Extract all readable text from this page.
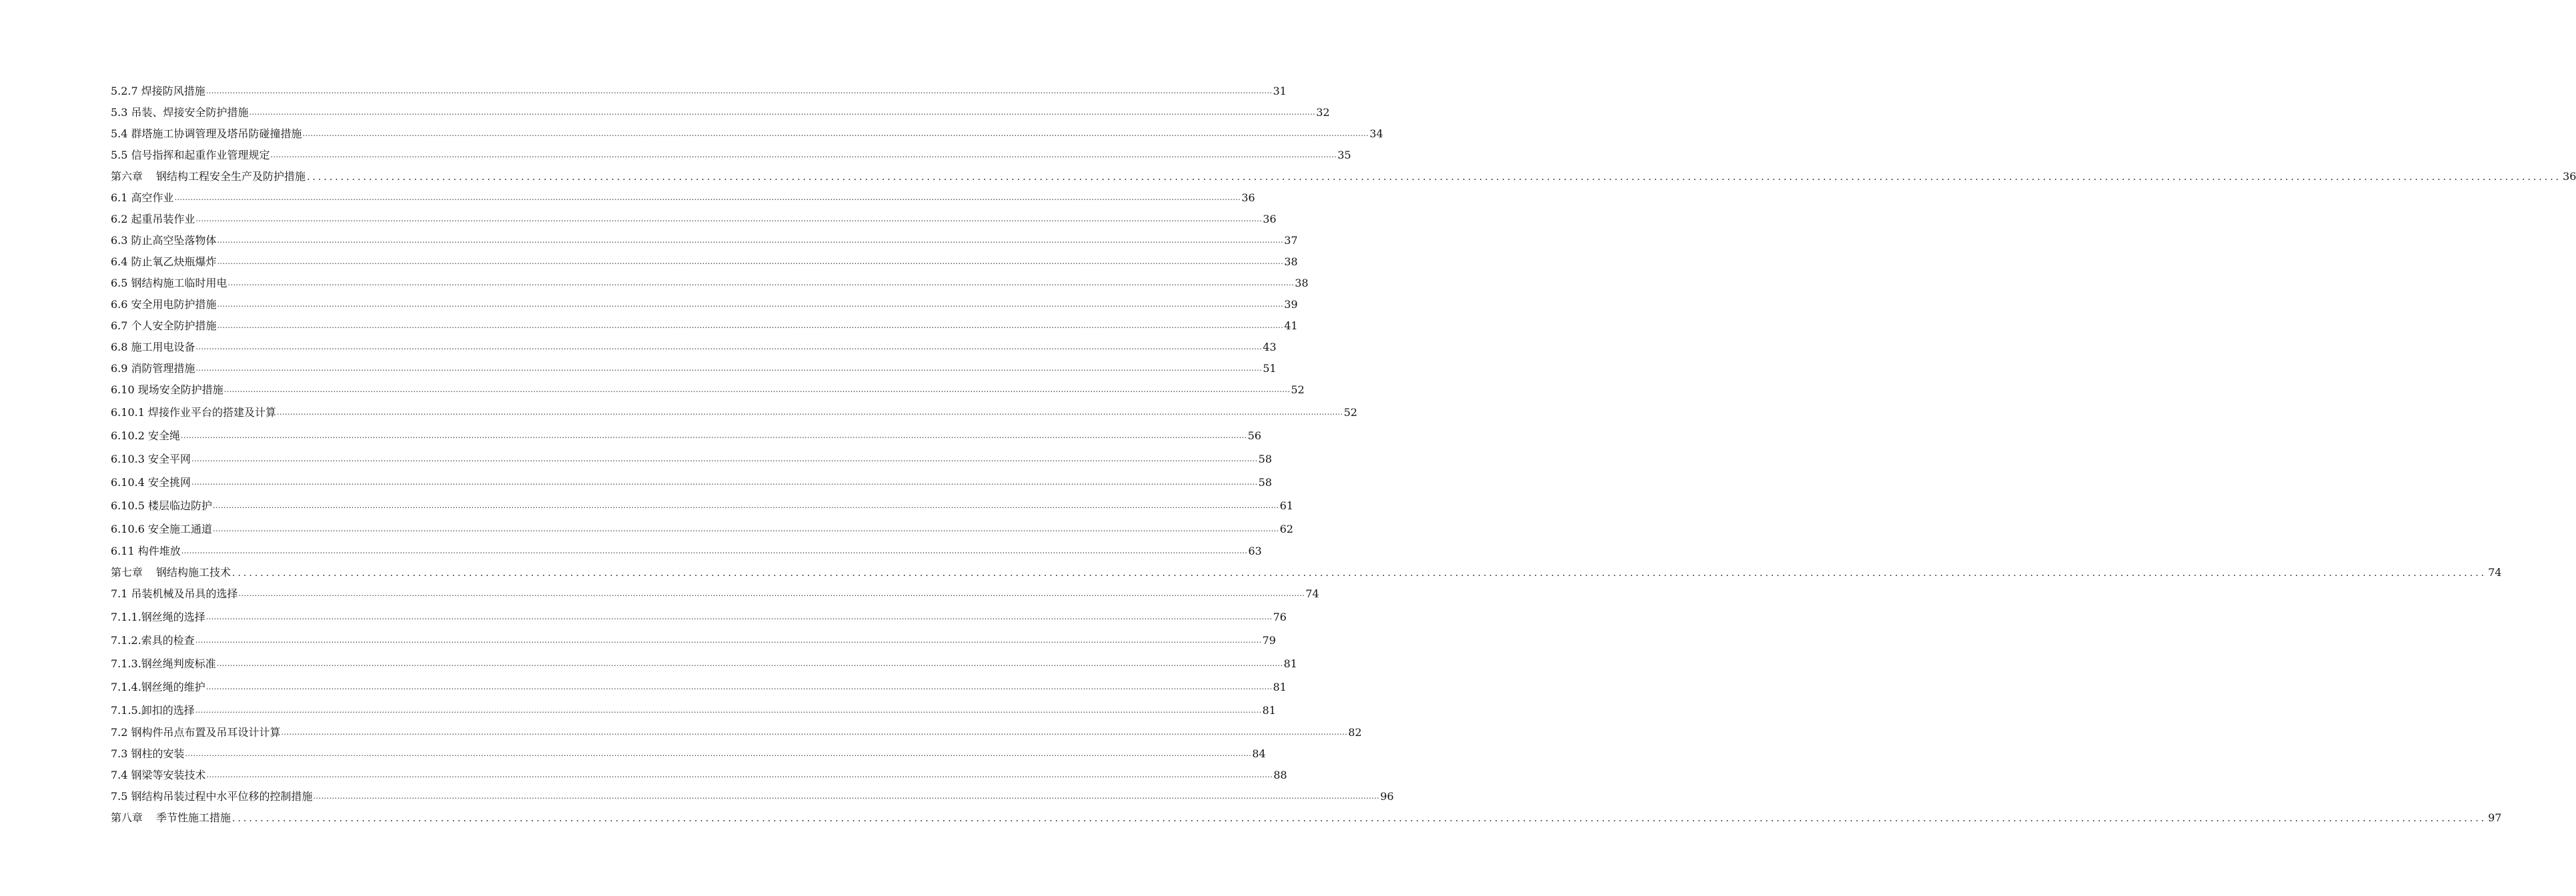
5.2.7 焊接防风措施 ................................................................................................................................................................................................................................................................................................................................................................................................................ 31
5.3 吊装、焊接安全防护措施 ................................................................................................................................................................................................................................................................................................................................................................................................................ 32
5.4 群塔施工协调管理及塔吊防碰撞措施 ................................................................................................................................................................................................................................................................................................................................................................................................................ 34
5.5 信号指挥和起重作业管理规定 ................................................................................................................................................................................................................................................................................................................................................................................................................ 35
第六章 钢结构工程安全生产及防护措施 ................................................................................................................................................................................................................................................................................................................................................................................................................ 36
6.1 高空作业 ................................................................................................................................................................................................................................................................................................................................................................................................................ 36
6.2 起重吊装作业 ................................................................................................................................................................................................................................................................................................................................................................................................................ 36
6.3 防止高空坠落物体 ................................................................................................................................................................................................................................................................................................................................................................................................................ 37
6.4 防止氧乙炔瓶爆炸 ................................................................................................................................................................................................................................................................................................................................................................................................................ 38
6.5 钢结构施工临时用电 ................................................................................................................................................................................................................................................................................................................................................................................................................ 38
6.6 安全用电防护措施 ................................................................................................................................................................................................................................................................................................................................................................................................................ 39
6.7 个人安全防护措施 ................................................................................................................................................................................................................................................................................................................................................................................................................ 41
6.8 施工用电设备 ................................................................................................................................................................................................................................................................................................................................................................................................................ 43
6.9 消防管理措施 ................................................................................................................................................................................................................................................................................................................................................................................................................ 51
6.10 现场安全防护措施 ................................................................................................................................................................................................................................................................................................................................................................................................................ 52
6.10.1 焊接作业平台的搭建及计算 ................................................................................................................................................................................................................................................................................................................................................................................................................ 52
6.10.2 安全绳 ................................................................................................................................................................................................................................................................................................................................................................................................................ 56
6.10.3 安全平网 ................................................................................................................................................................................................................................................................................................................................................................................................................ 58
6.10.4 安全挑网 ................................................................................................................................................................................................................................................................................................................................................................................................................ 58
6.10.5 楼层临边防护 ................................................................................................................................................................................................................................................................................................................................................................................................................ 61
6.10.6 安全施工通道 ................................................................................................................................................................................................................................................................................................................................................................................................................ 62
6.11 构件堆放 ................................................................................................................................................................................................................................................................................................................................................................................................................ 63
第七章 钢结构施工技术 ................................................................................................................................................................................................................................................................................................................................................................................................................ 74
7.1 吊装机械及吊具的选择 ................................................................................................................................................................................................................................................................................................................................................................................................................ 74
7.1.1.钢丝绳的选择 ................................................................................................................................................................................................................................................................................................................................................................................................................ 76
7.1.2.索具的检查 ................................................................................................................................................................................................................................................................................................................................................................................................................ 79
7.1.3.钢丝绳判废标准 ................................................................................................................................................................................................................................................................................................................................................................................................................ 81
7.1.4.钢丝绳的维护 ................................................................................................................................................................................................................................................................................................................................................................................................................ 81
7.1.5.卸扣的选择 ................................................................................................................................................................................................................................................................................................................................................................................................................ 81
7.2 钢构件吊点布置及吊耳设计计算 ................................................................................................................................................................................................................................................................................................................................................................................................................ 82
7.3 钢柱的安装 ................................................................................................................................................................................................................................................................................................................................................................................................................ 84
7.4 钢梁等安装技术 ................................................................................................................................................................................................................................................................................................................................................................................................................ 88
7.5 钢结构吊装过程中水平位移的控制措施 ................................................................................................................................................................................................................................................................................................................................................................................................................ 96
第八章 季节性施工措施 ................................................................................................................................................................................................................................................................................................................................................................................................................ 97
